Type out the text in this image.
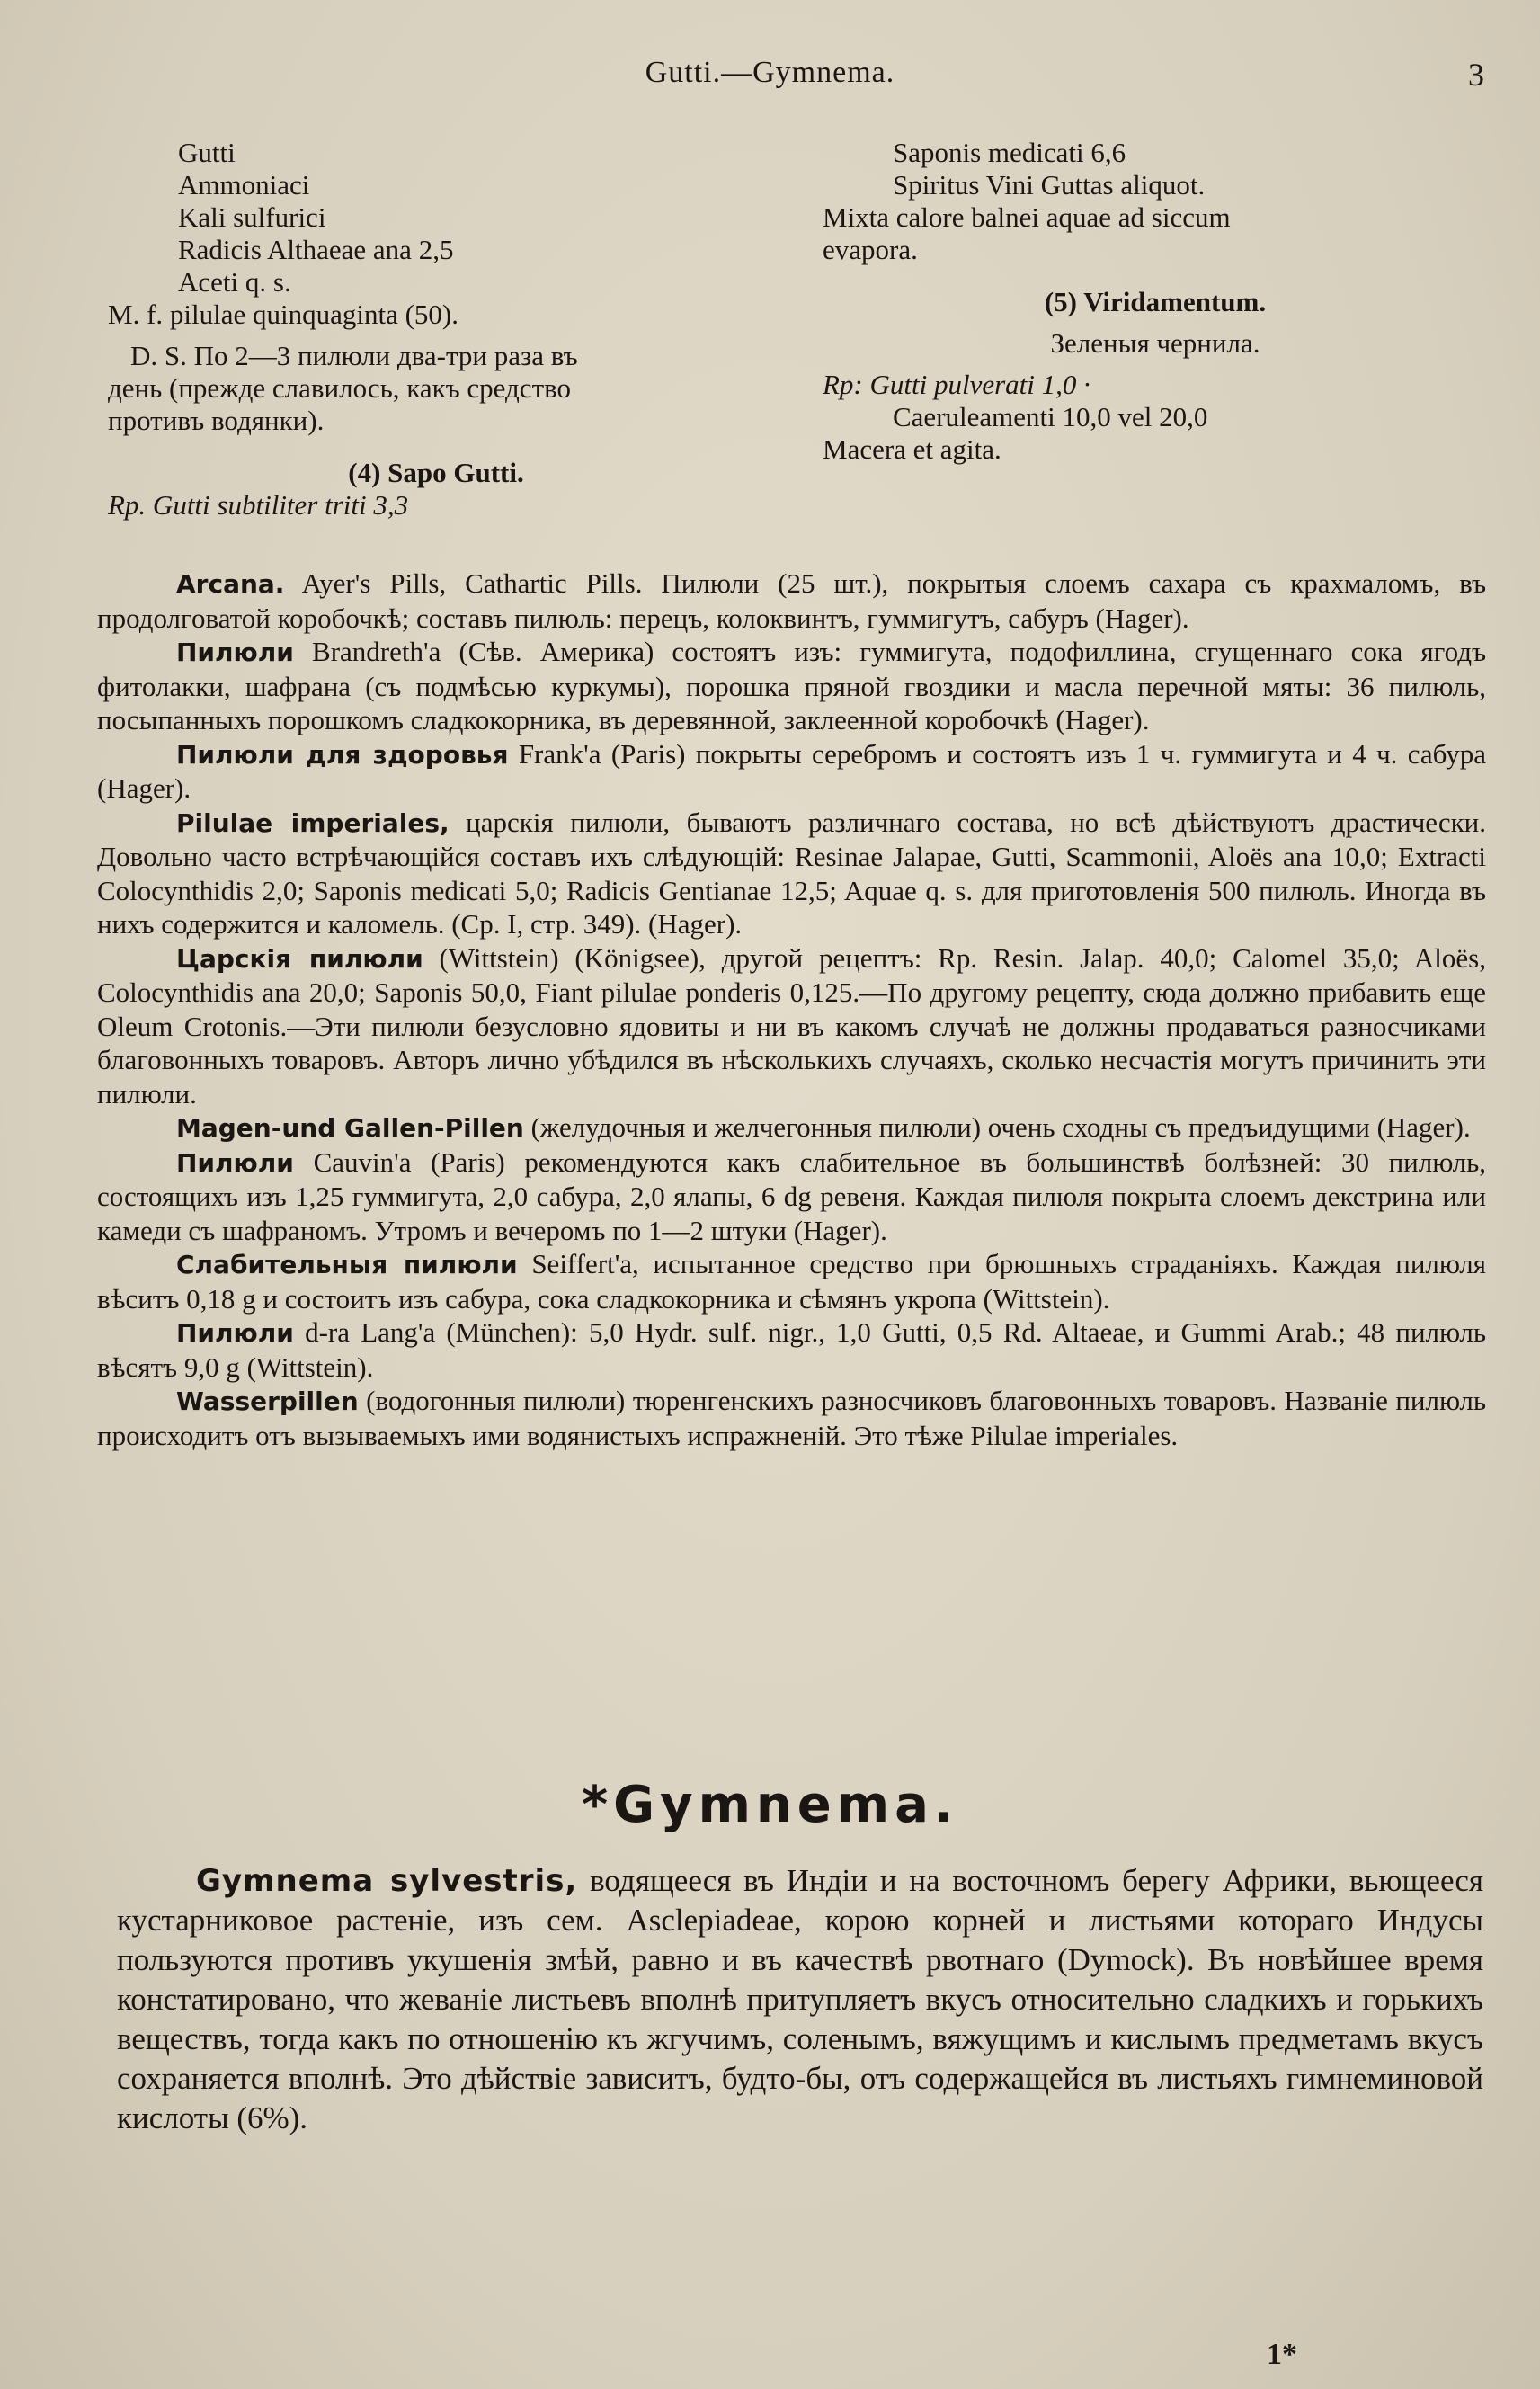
Gutti.—Gymnema.	3
Gutti
Ammoniaci
Kali sulfurici
Radicis Althaeae ana 2,5
Aceti q. s.
M. f. pilulae quinquaginta (50).
D. S. По 2—3 пилюли два-три раза въ
день (прежде славилось, какъ средство
противъ водянки).
(4) Sapo Gutti.
Rp. Gutti subtiliter triti 3,3
Saponis medicati 6,6
Spiritus Vini Guttas aliquot.
Mixta calore balnei aquae ad siccum
evapora.
(5) Viridamentum.
Зеленыя чернила.
Rp: Gutti pulverati 1,0 ·
Caeruleamenti 10,0 vel 20,0
Macera et agita.

Arcana. Ayer's Pills, Cathartic Pills. Пилюли (25 шт.), покрытыя слоемъ сахара съ крахмаломъ, въ продолговатой коробочкѣ; составъ пилюль: перецъ, колоквинтъ, гуммигутъ, сабуръ (Hager).

Пилюли Brandreth'a (Сѣв. Америка) состоятъ изъ: гуммигута, подофиллина, сгущеннаго сока ягодъ фитолакки, шафрана (съ подмѣсью куркумы), порошка пряной гвоздики и масла перечной мяты: 36 пилюль, посыпанныхъ порошкомъ сладкокорника, въ деревянной, заклеенной коробочкѣ (Hager).

Пилюли для здоровья Frank'a (Paris) покрыты серебромъ и состоятъ изъ 1 ч. гуммигута и 4 ч. сабура (Hager).

Pilulae imperiales, царскія пилюли, бываютъ различнаго состава, но всѣ дѣйствуютъ драстически. Довольно часто встрѣчающійся составъ ихъ слѣдующій: Resinae Jalapae, Gutti, Scammonii, Aloës ana 10,0; Extracti Colocynthidis 2,0; Saponis medicati 5,0; Radicis Gentianae 12,5; Aquae q. s. для приготовленія 500 пилюль. Иногда въ нихъ содержится и каломель. (Ср. I, стр. 349). (Hager).

Царскія пилюли (Wittstein) (Königsee), другой рецептъ: Rp. Resin. Jalap. 40,0; Calomel 35,0; Aloës, Colocynthidis ana 20,0; Saponis 50,0, Fiant pilulae ponderis 0,125.—По другому рецепту, сюда должно прибавить еще Oleum Crotonis.—Эти пилюли безусловно ядовиты и ни въ какомъ случаѣ не должны продаваться разносчиками благовонныхъ товаровъ. Авторъ лично убѣдился въ нѣсколькихъ случаяхъ, сколько несчастія могутъ причинить эти пилюли.

Magen-und Gallen-Pillen (желудочныя и желчегонныя пилюли) очень сходны съ предъидущими (Hager).

Пилюли Cauvin'a (Paris) рекомендуются какъ слабительное въ большинствѣ болѣзней: 30 пилюль, состоящихъ изъ 1,25 гуммигута, 2,0 сабура, 2,0 ялапы, 6 dg ревеня. Каждая пилюля покрыта слоемъ декстрина или камеди съ шафраномъ. Утромъ и вечеромъ по 1—2 штуки (Hager).

Слабительныя пилюли Seiffert'a, испытанное средство при брюшныхъ страданіяхъ. Каждая пилюля вѣситъ 0,18 g и состоитъ изъ сабура, сока сладкокорника и сѣмянъ укропа (Wittstein).

Пилюли d-ra Lang'a (München): 5,0 Hydr. sulf. nigr., 1,0 Gutti, 0,5 Rd. Altaeae, и Gummi Arab.; 48 пилюль вѣсятъ 9,0 g (Wittstein).

Wasserpillen (водогонныя пилюли) тюренгенскихъ разносчиковъ благовонныхъ товаровъ. Названіе пилюль происходитъ отъ вызываемыхъ ими водянистыхъ испражненій. Это тѣже Pilulae imperiales.

*Gymnema.

Gymnema sylvestris, водящееся въ Индіи и на восточномъ берегу Африки, вьющееся кустарниковое растеніе, изъ сем. Asclepiadeae, корою корней и листьями котораго Индусы пользуются противъ укушенія змѣй, равно и въ качествѣ рвотнаго (Dymock). Въ новѣйшее время констатировано, что жеваніе листьевъ вполнѣ притупляетъ вкусъ относительно сладкихъ и горькихъ веществъ, тогда какъ по отношенію къ жгучимъ, соленымъ, вяжущимъ и кислымъ предметамъ вкусъ сохраняется вполнѣ. Это дѣйствіе зависитъ, будто-бы, отъ содержащейся въ листьяхъ гимнеминовой кислоты (6%).

1*
